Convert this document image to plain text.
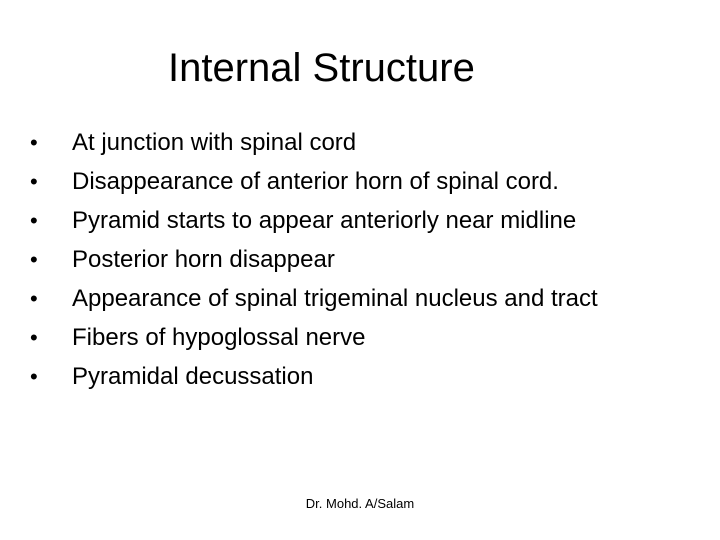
Internal Structure
•	At junction with spinal cord
•	Disappearance of anterior horn of spinal cord.
•	Pyramid starts to appear anteriorly near midline
•	Posterior horn disappear
•	Appearance of spinal trigeminal nucleus and tract
•	Fibers of hypoglossal nerve
•	Pyramidal decussation
Dr. Mohd. A/Salam
